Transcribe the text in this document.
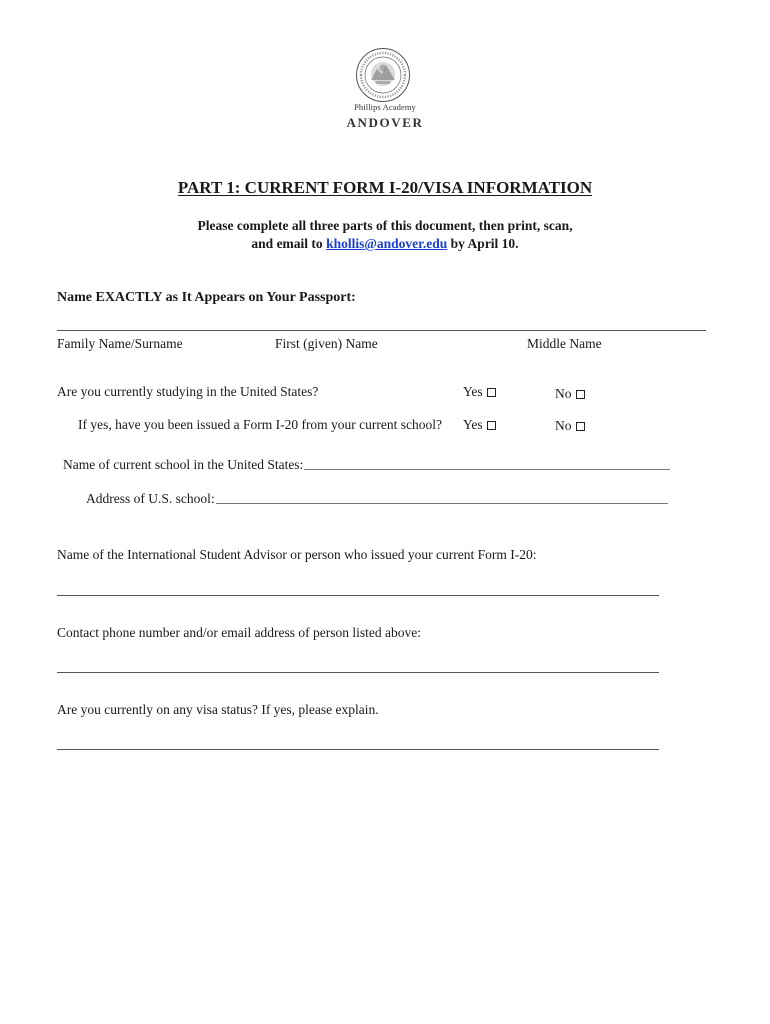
Phillips Academy
ANDOVER
PART 1: CURRENT FORM I-20/VISA INFORMATION
Please complete all three parts of this document, then print, scan,
and email to khollis@andover.edu by April 10.
Name EXACTLY as It Appears on Your Passport:
Family Name/Surname	First (given) Name	Middle Name
Are you currently studying in the United States?	Yes	No
If yes, have you been issued a Form I-20 from your current school? Yes	No
Name of current school in the United States:
Address of U.S. school:
Name of the International Student Advisor or person who issued your current Form I-20:
Contact phone number and/or email address of person listed above:
Are you currently on any visa status? If yes, please explain.
